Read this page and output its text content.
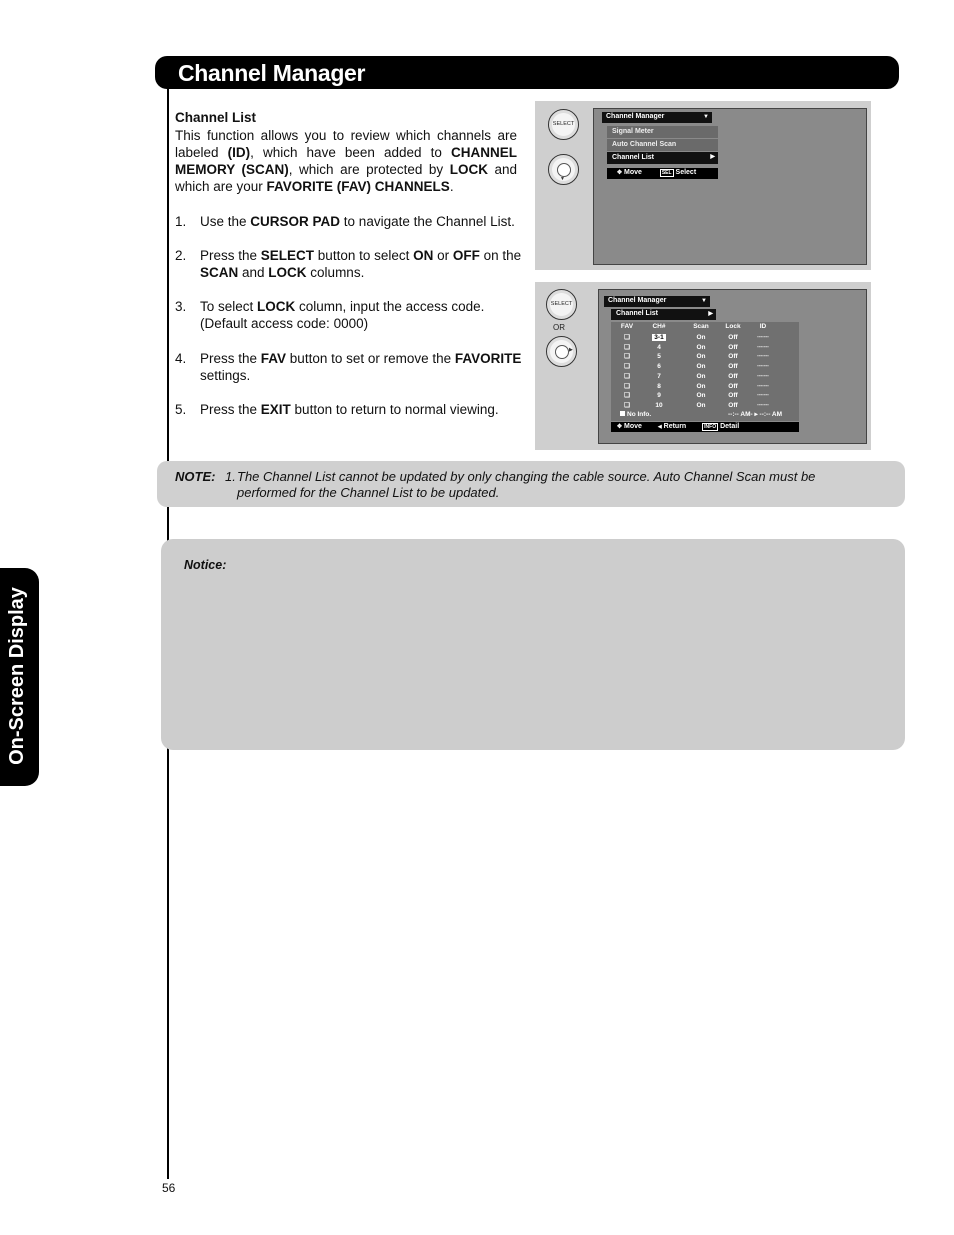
Channel Manager
On-Screen Display
Channel List
This function allows you to review which channels are labeled (ID), which have been added to CHANNEL MEMORY (SCAN), which are protected by LOCK and which are your FAVORITE (FAV) CHANNELS.
1. Use the CURSOR PAD to navigate the Channel List.
2. Press the SELECT button to select ON or OFF on the
SCAN and LOCK columns.
3. To select LOCK column, input the access code.
(Default access code: 0000)
4. Press the FAV button to set or remove the FAVORITE
settings.
5. Press the EXIT button to return to normal viewing.
SELECT
▼
Channel Manager	▼
Signal Meter
Auto Channel Scan
Channel List	▶
✥ Move	SEL Select
SELECT
OR
▶
Channel Manager	▼
Channel List	▶
FAV	CH#	Scan	Lock	ID
❏	3-1	On	Off	-------
❏	4	On	Off	-------
❏	5	On	Off	-------
❏	6	On	Off	-------
❏	7	On	Off	-------
❏	8	On	Off	-------
❏	9	On	Off	-------
❏	10	On	Off	-------
No Info.	--:-- AM- ▸ --:-- AM
✥ Move	◀ Return	INFO Detail
NOTE: 1. The Channel List cannot be updated by only changing the cable source. Auto Channel Scan must be performed for the Channel List to be updated.
Notice:
56
